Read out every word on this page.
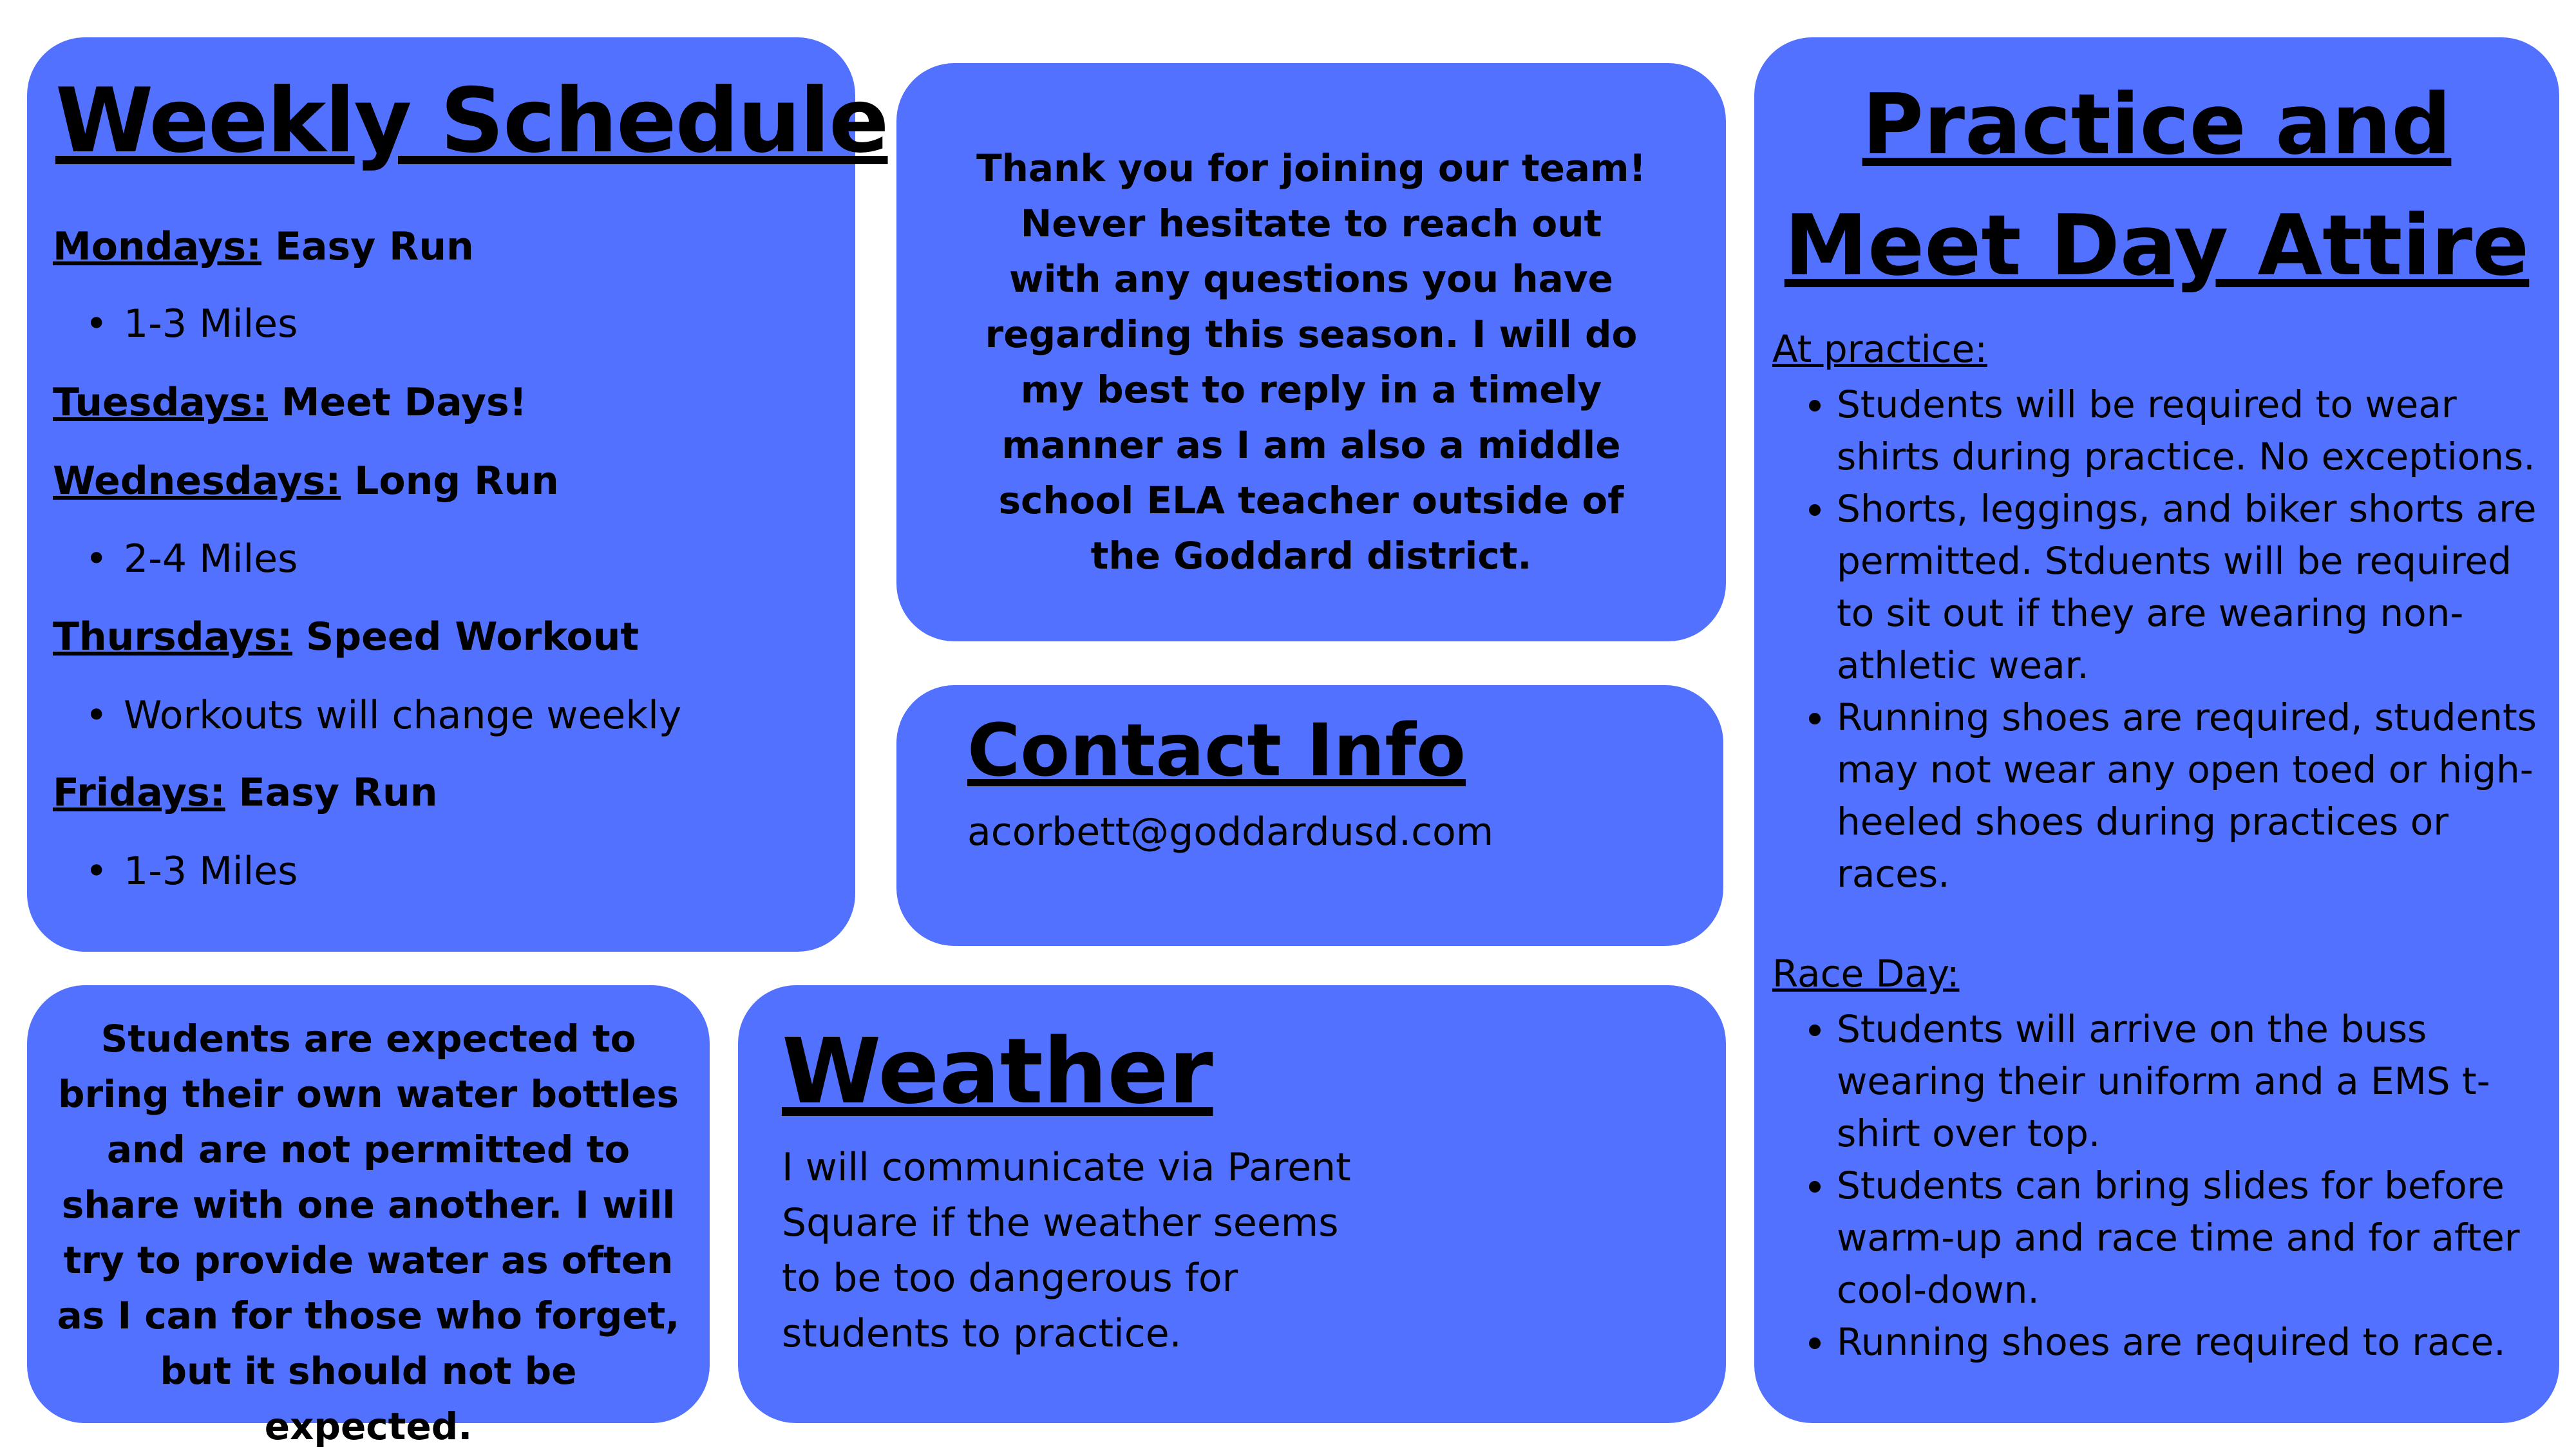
Weekly Schedule
Mondays: Easy Run
• 1-3 Miles
Tuesdays: Meet Days!
Wednesdays: Long Run
• 2-4 Miles
Thursdays: Speed Workout
• Workouts will change weekly
Fridays: Easy Run
• 1-3 Miles
Thank you for joining our team! Never hesitate to reach out with any questions you have regarding this season. I will do my best to reply in a timely manner as I am also a middle school ELA teacher outside of the Goddard district.
Contact Info
acorbett@goddardusd.com
Students are expected to bring their own water bottles and are not permitted to share with one another. I will try to provide water as often as I can for those who forget, but it should not be expected.
Weather
I will communicate via Parent Square if the weather seems to be too dangerous for students to practice.
Practice and
Meet Day Attire
At practice:
• Students will be required to wear shirts during practice. No exceptions.
• Shorts, leggings, and biker shorts are permitted. Stduents will be required to sit out if they are wearing non-athletic wear.
• Running shoes are required, students may not wear any open toed or high-heeled shoes during practices or races.
Race Day:
• Students will arrive on the buss wearing their uniform and a EMS t-shirt over top.
• Students can bring slides for before warm-up and race time and for after cool-down.
• Running shoes are required to race.
